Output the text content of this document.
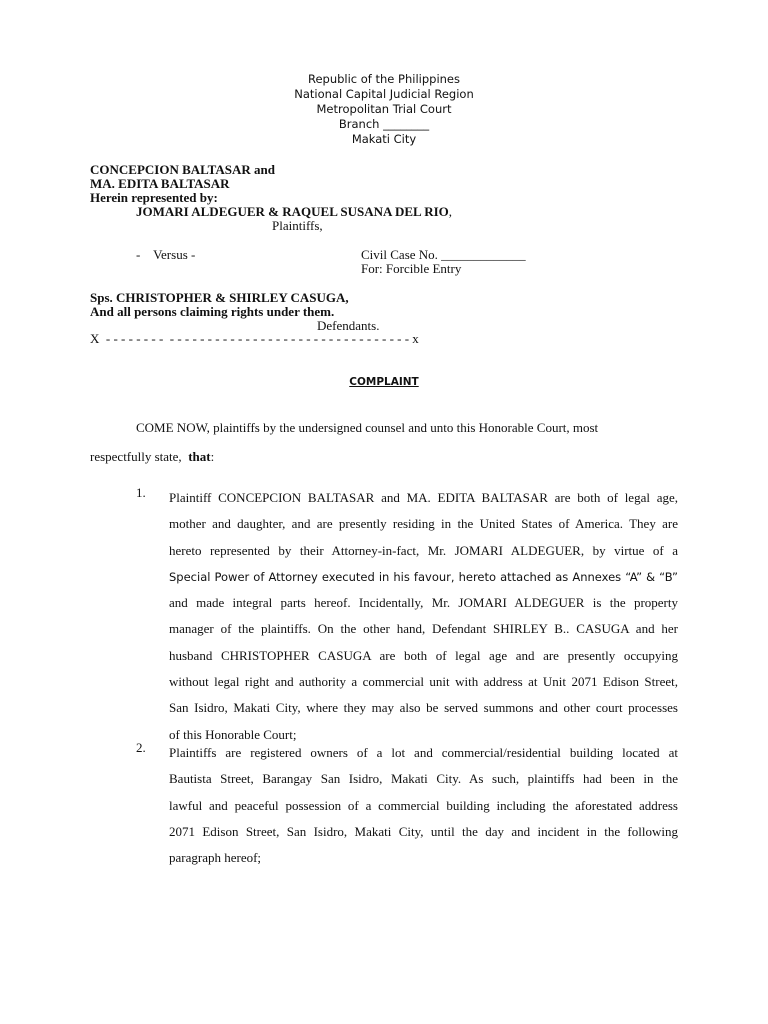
Republic of the Philippines
National Capital Judicial Region
Metropolitan Trial Court
Branch ________
Makati City
CONCEPCION BALTASAR and
MA. EDITA BALTASAR
Herein represented by:
JOMARI ALDEGUER & RAQUEL SUSANA DEL RIO,
Plaintiffs,
-    Versus -	Civil Case No. _____________
For: Forcible Entry
Sps. CHRISTOPHER & SHIRLEY CASUGA,
And all persons claiming rights under them.
Defendants.
X  - - - - - - - -  - - - - - - - - - - - - - - - - - - - - - - - - - - - - - - - - x
COMPLAINT
COME NOW, plaintiffs by the undersigned counsel and unto this Honorable Court, most
respectfully state,  that:
1. Plaintiff CONCEPCION BALTASAR and MA. EDITA BALTASAR are both of legal age,
mother and daughter, and are presently residing in the United States of America. They are
hereto represented by their Attorney-in-fact, Mr. JOMARI ALDEGUER, by virtue of a
Special Power of Attorney executed in his favour, hereto attached as Annexes “A” & “B”
and made integral parts hereof. Incidentally, Mr. JOMARI ALDEGUER is the property
manager of the plaintiffs. On the other hand, Defendant SHIRLEY B.. CASUGA and her
husband CHRISTOPHER CASUGA are both of legal age and are presently occupying
without legal right and authority a commercial unit with address at Unit 2071 Edison Street,
San Isidro, Makati City, where they may also be served summons and other court processes
of this Honorable Court;
2. Plaintiffs are registered owners of a lot and commercial/residential building located at
Bautista Street, Barangay San Isidro, Makati City. As such, plaintiffs had been in the
lawful and peaceful possession of a commercial building including the aforestated address
2071 Edison Street, San Isidro, Makati City, until the day and incident in the following
paragraph hereof;
